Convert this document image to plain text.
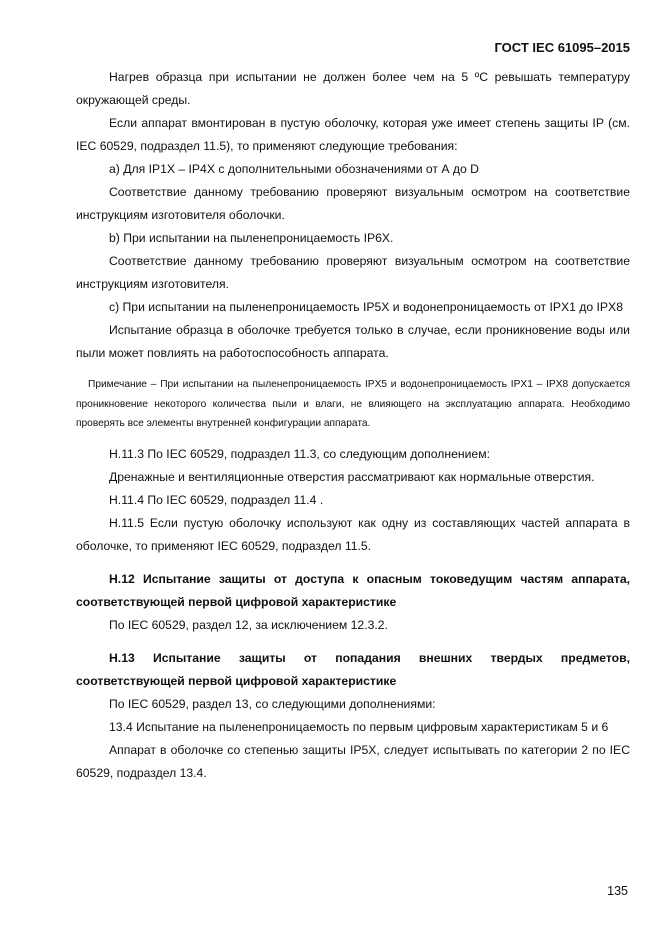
ГОСТ IEC 61095–2015

Нагрев образца при испытании не должен более чем на 5 ºС ревышать температуру окружающей среды.

Если аппарат вмонтирован в пустую оболочку, которая уже имеет степень защиты IP (см. IEC 60529, подраздел 11.5), то применяют следующие требования:

а) Для IP1X – IP4X с дополнительными обозначениями от А до D

Соответствие данному требованию проверяют визуальным осмотром на соответствие инструкциям изготовителя оболочки.

b) При испытании на пыленепроницаемость IP6X.

Соответствие данному требованию проверяют визуальным осмотром на соответствие инструкциям изготовителя.

с) При испытании на пыленепроницаемость IP5X и водонепроницаемость от IPX1 до IPX8

Испытание образца в оболочке требуется только в случае, если проникновение воды или пыли может повлиять на работоспособность аппарата.

Примечание – При испытании на пыленепроницаемость IPX5 и водонепроницаемость IPX1 – IPX8 допускается проникновение некоторого количества пыли и влаги, не влияющего на эксплуатацию аппарата. Необходимо проверять все элементы внутренней конфигурации аппарата.

Н.11.3 По IEC 60529, подраздел 11.3, со следующим дополнением:

Дренажные и вентиляционные отверстия рассматривают как нормальные отверстия.

Н.11.4 По IEC 60529, подраздел 11.4 .

Н.11.5 Если пустую оболочку используют как одну из составляющих частей аппарата в оболочке, то применяют IEC 60529, подраздел 11.5.

Н.12 Испытание защиты от доступа к опасным токоведущим частям аппарата, соответствующей первой цифровой характеристике

По IEC 60529, раздел 12, за исключением 12.3.2.

Н.13 Испытание защиты от попадания внешних твердых предметов, соответствующей первой цифровой характеристике

По IEC 60529, раздел 13, со следующими дополнениями:

13.4 Испытание на пыленепроницаемость по первым цифровым характеристикам 5 и 6

Аппарат в оболочке со степенью защиты IP5X, следует испытывать по категории 2 по IEC 60529, подраздел 13.4.

135
